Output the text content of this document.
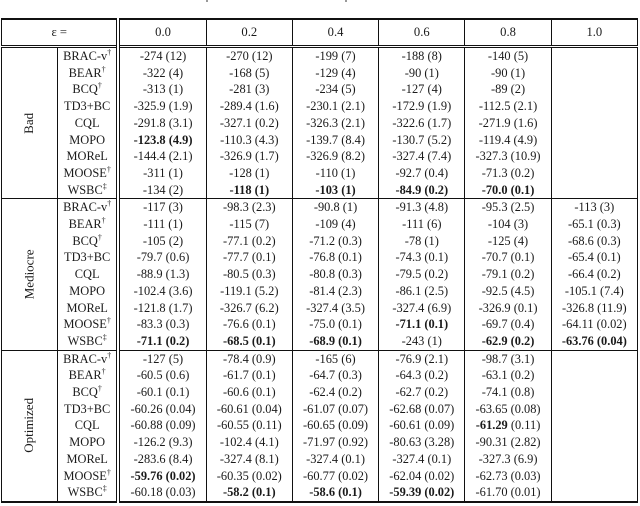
ε =		0.0	0.2	0.4	0.6	0.8	1.0
Bad	BRAC-v†	-274 (12)	-270 (12)	-199 (7)	-188 (8)	-140 (5)	
	BEAR†	-322 (4)	-168 (5)	-129 (4)	-90 (1)	-90 (1)	
	BCQ†	-313 (1)	-281 (3)	-234 (5)	-127 (4)	-89 (2)	
	TD3+BC	-325.9 (1.9)	-289.4 (1.6)	-230.1 (2.1)	-172.9 (1.9)	-112.5 (2.1)	
	CQL	-291.8 (3.1)	-327.1 (0.2)	-326.3 (2.1)	-322.6 (1.7)	-271.9 (1.6)	
	MOPO	-123.8 (4.9)	-110.3 (4.3)	-139.7 (8.4)	-130.7 (5.2)	-119.4 (4.9)	
	MOReL	-144.4 (2.1)	-326.9 (1.7)	-326.9 (8.2)	-327.4 (7.4)	-327.3 (10.9)	
	MOOSE†	-311 (1)	-128 (1)	-110 (1)	-92.7 (0.4)	-71.3 (0.2)	
	WSBC‡	-134 (2)	-118 (1)	-103 (1)	-84.9 (0.2)	-70.0 (0.1)	
Mediocre	BRAC-v†	-117 (3)	-98.3 (2.3)	-90.8 (1)	-91.3 (4.8)	-95.3 (2.5)	-113 (3)
	BEAR†	-111 (1)	-115 (7)	-109 (4)	-111 (6)	-104 (3)	-65.1 (0.3)
	BCQ†	-105 (2)	-77.1 (0.2)	-71.2 (0.3)	-78 (1)	-125 (4)	-68.6 (0.3)
	TD3+BC	-79.7 (0.6)	-77.7 (0.1)	-76.8 (0.1)	-74.3 (0.1)	-70.7 (0.1)	-65.4 (0.1)
	CQL	-88.9 (1.3)	-80.5 (0.3)	-80.8 (0.3)	-79.5 (0.2)	-79.1 (0.2)	-66.4 (0.2)
	MOPO	-102.4 (3.6)	-119.1 (5.2)	-81.4 (2.3)	-86.1 (2.5)	-92.5 (4.5)	-105.1 (7.4)
	MOReL	-121.8 (1.7)	-326.7 (6.2)	-327.4 (3.5)	-327.4 (6.9)	-326.9 (0.1)	-326.8 (11.9)
	MOOSE†	-83.3 (0.3)	-76.6 (0.1)	-75.0 (0.1)	-71.1 (0.1)	-69.7 (0.4)	-64.11 (0.02)
	WSBC‡	-71.1 (0.2)	-68.5 (0.1)	-68.9 (0.1)	-243 (1)	-62.9 (0.2)	-63.76 (0.04)
Optimized	BRAC-v†	-127 (5)	-78.4 (0.9)	-165 (6)	-76.9 (2.1)	-98.7 (3.1)	
	BEAR†	-60.5 (0.6)	-61.7 (0.1)	-64.7 (0.3)	-64.3 (0.2)	-63.1 (0.2)	
	BCQ†	-60.1 (0.1)	-60.6 (0.1)	-62.4 (0.2)	-62.7 (0.2)	-74.1 (0.8)	
	TD3+BC	-60.26 (0.04)	-60.61 (0.04)	-61.07 (0.07)	-62.68 (0.07)	-63.65 (0.08)	
	CQL	-60.88 (0.09)	-60.55 (0.11)	-60.65 (0.09)	-60.61 (0.09)	-61.29 (0.11)	
	MOPO	-126.2 (9.3)	-102.4 (4.1)	-71.97 (0.92)	-80.63 (3.28)	-90.31 (2.82)	
	MOReL	-283.6 (8.4)	-327.4 (8.1)	-327.4 (0.1)	-327.4 (0.1)	-327.3 (6.9)	
	MOOSE†	-59.76 (0.02)	-60.35 (0.02)	-60.77 (0.02)	-62.04 (0.02)	-62.73 (0.03)	
	WSBC‡	-60.18 (0.03)	-58.2 (0.1)	-58.6 (0.1)	-59.39 (0.02)	-61.70 (0.01)	
